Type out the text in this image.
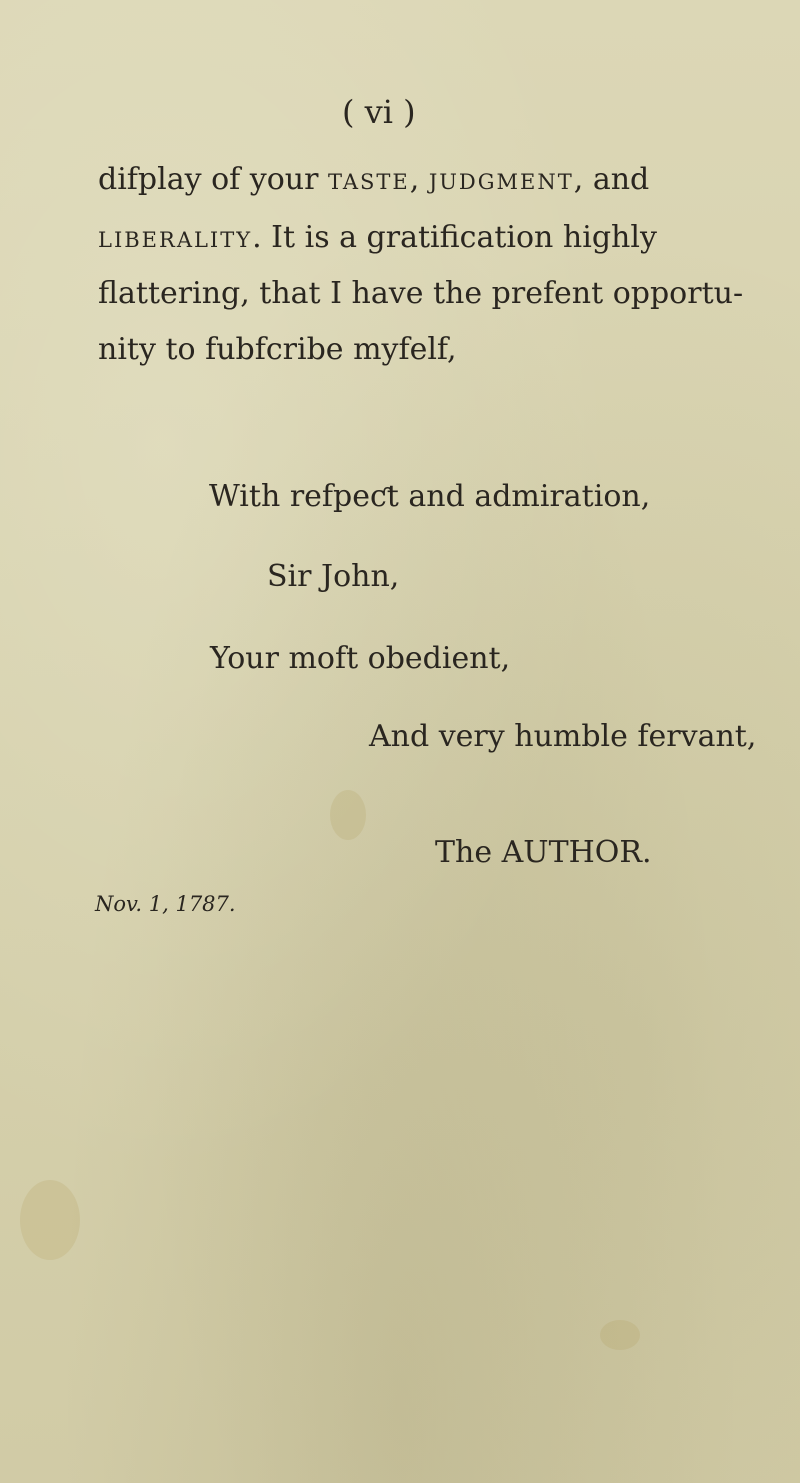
( vi )
difplay of your TASTE, JUDGMENT, and
LIBERALITY. It is a gratification highly
flattering, that I have the prefent opportu-
nity to fubfcribe myfelf,
With refpeƈt and admiration,
Sir John,
Your moft obedient,
And very humble fervant,
The AUTHOR.
Nov. 1, 1787.
